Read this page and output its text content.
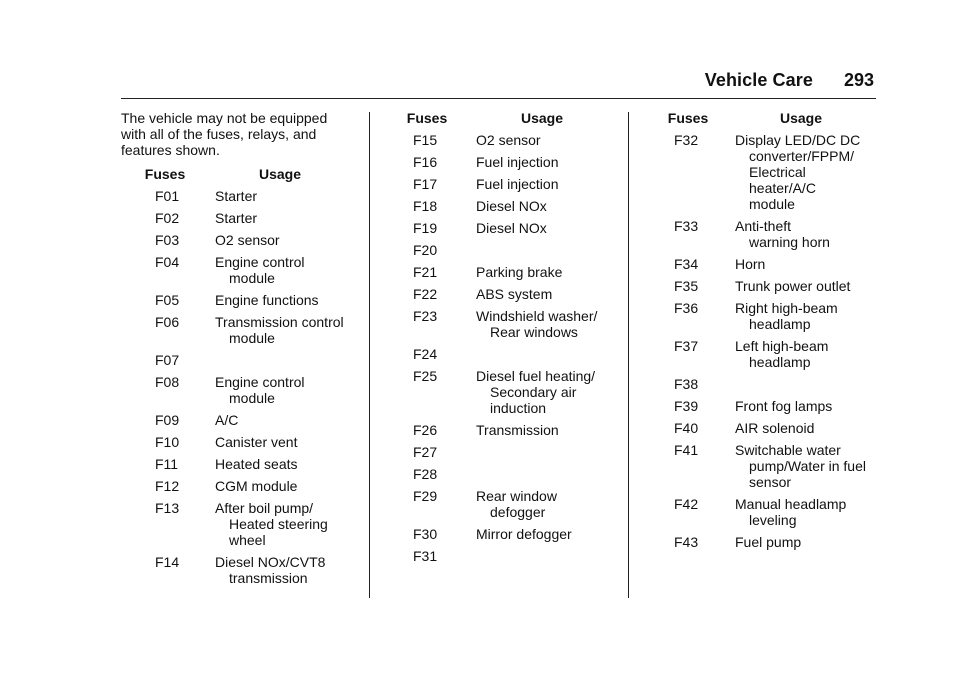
Vehicle Care 293
The vehicle may not be equipped
with all of the fuses, relays, and
features shown.
Fuses	Usage
F01	Starter
F02	Starter
F03	O2 sensor
F04	Engine control
module
F05	Engine functions
F06	Transmission control
module
F07
F08	Engine control
module
F09	A/C
F10	Canister vent
F11	Heated seats
F12	CGM module
F13	After boil pump/
Heated steering
wheel
F14	Diesel NOx/CVT8
transmission
Fuses	Usage
F15	O2 sensor
F16	Fuel injection
F17	Fuel injection
F18	Diesel NOx
F19	Diesel NOx
F20
F21	Parking brake
F22	ABS system
F23	Windshield washer/
Rear windows
F24
F25	Diesel fuel heating/
Secondary air
induction
F26	Transmission
F27
F28
F29	Rear window
defogger
F30	Mirror defogger
F31
Fuses	Usage
F32	Display LED/DC DC
converter/FPPM/
Electrical heater/A/C
module
F33	Anti-theft
warning horn
F34	Horn
F35	Trunk power outlet
F36	Right high-beam
headlamp
F37	Left high-beam
headlamp
F38
F39	Front fog lamps
F40	AIR solenoid
F41	Switchable water
pump/Water in fuel
sensor
F42	Manual headlamp
leveling
F43	Fuel pump
